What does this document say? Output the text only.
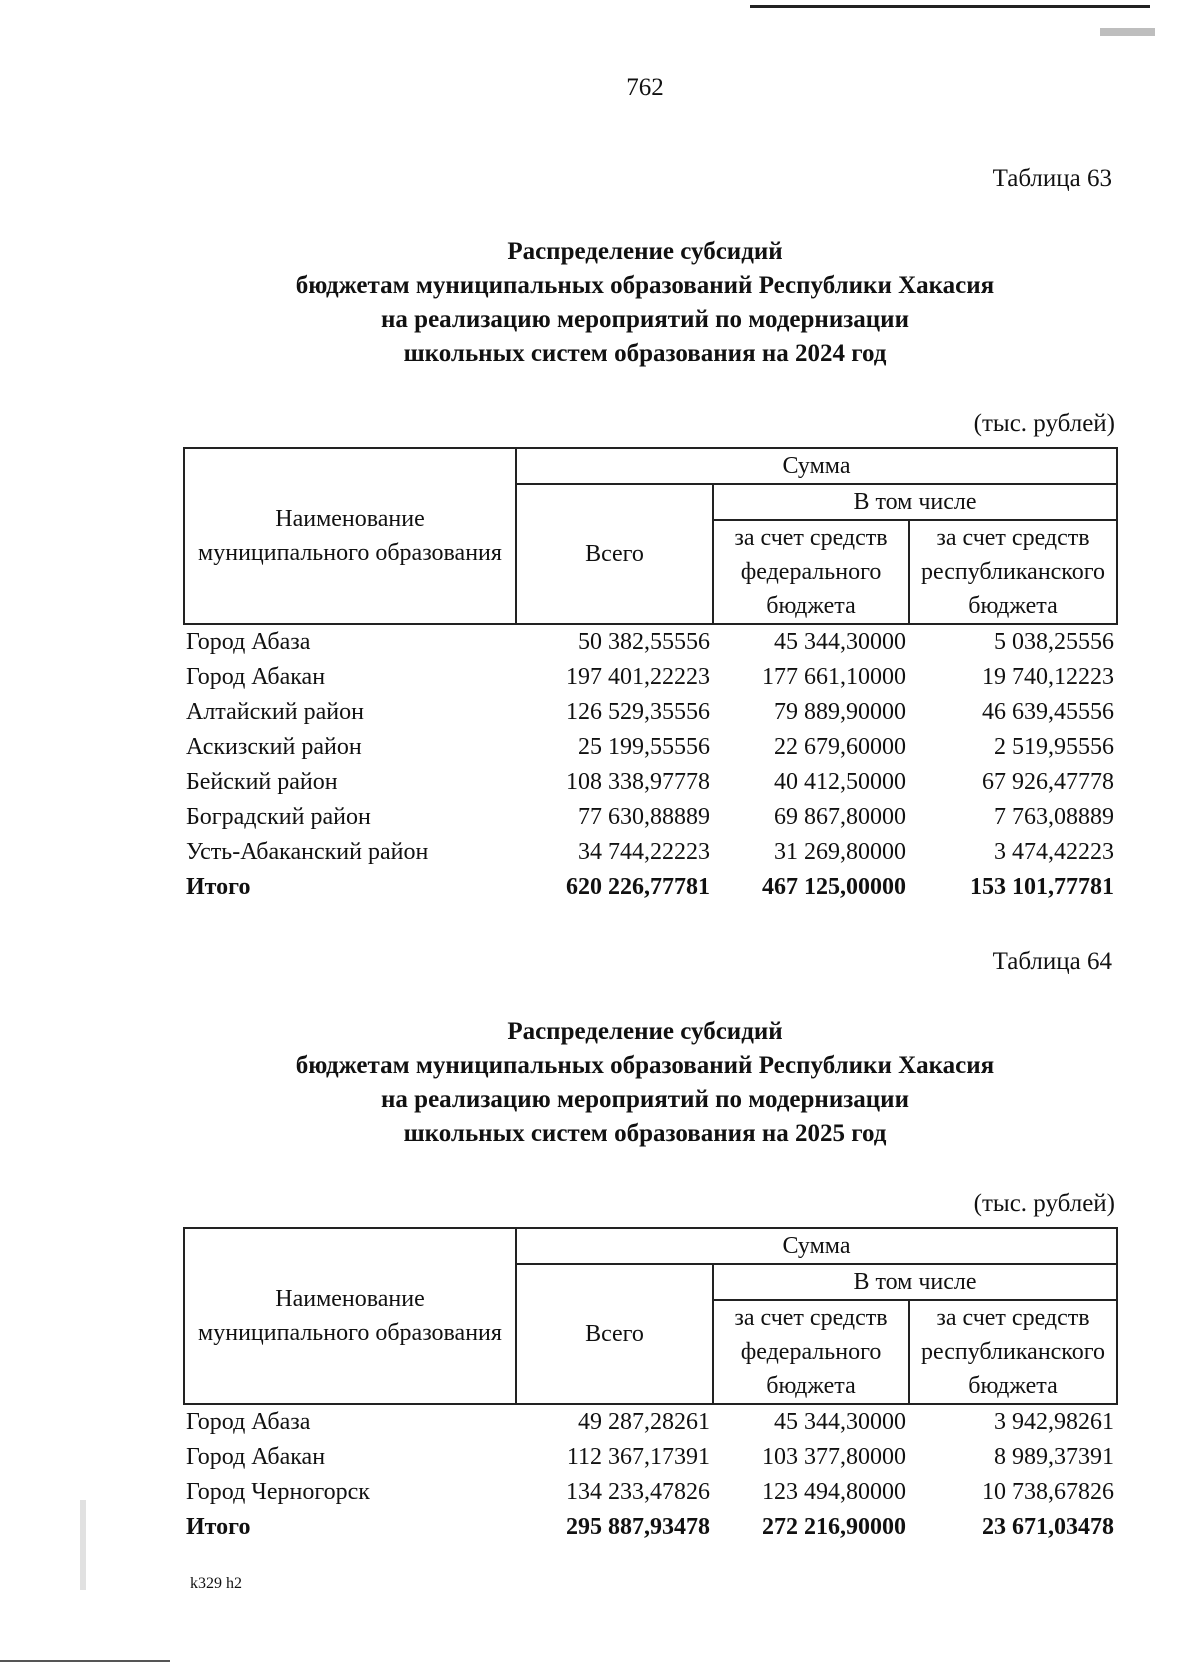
762
Таблица 63
Распределение субсидий
бюджетам муниципальных образований Республики Хакасия
на реализацию мероприятий по модернизации
школьных систем образования на 2024 год
(тыс. рублей)
Наименование муниципального образования	Сумма		
	Всего	В том числе	
		за счет средств федерального бюджета	за счет средств республиканского бюджета
Город Абаза	50 382,55556	45 344,30000	5 038,25556
Город Абакан	197 401,22223	177 661,10000	19 740,12223
Алтайский район	126 529,35556	79 889,90000	46 639,45556
Аскизский район	25 199,55556	22 679,60000	2 519,95556
Бейский район	108 338,97778	40 412,50000	67 926,47778
Боградский район	77 630,88889	69 867,80000	7 763,08889
Усть-Абаканский район	34 744,22223	31 269,80000	3 474,42223
Итого	620 226,77781	467 125,00000	153 101,77781
Таблица 64
Распределение субсидий
бюджетам муниципальных образований Республики Хакасия
на реализацию мероприятий по модернизации
школьных систем образования на 2025 год
(тыс. рублей)
Наименование муниципального образования	Сумма		
	Всего	В том числе	
		за счет средств федерального бюджета	за счет средств республиканского бюджета
Город Абаза	49 287,28261	45 344,30000	3 942,98261
Город Абакан	112 367,17391	103 377,80000	8 989,37391
Город Черногорск	134 233,47826	123 494,80000	10 738,67826
Итого	295 887,93478	272 216,90000	23 671,03478
k329 h2
